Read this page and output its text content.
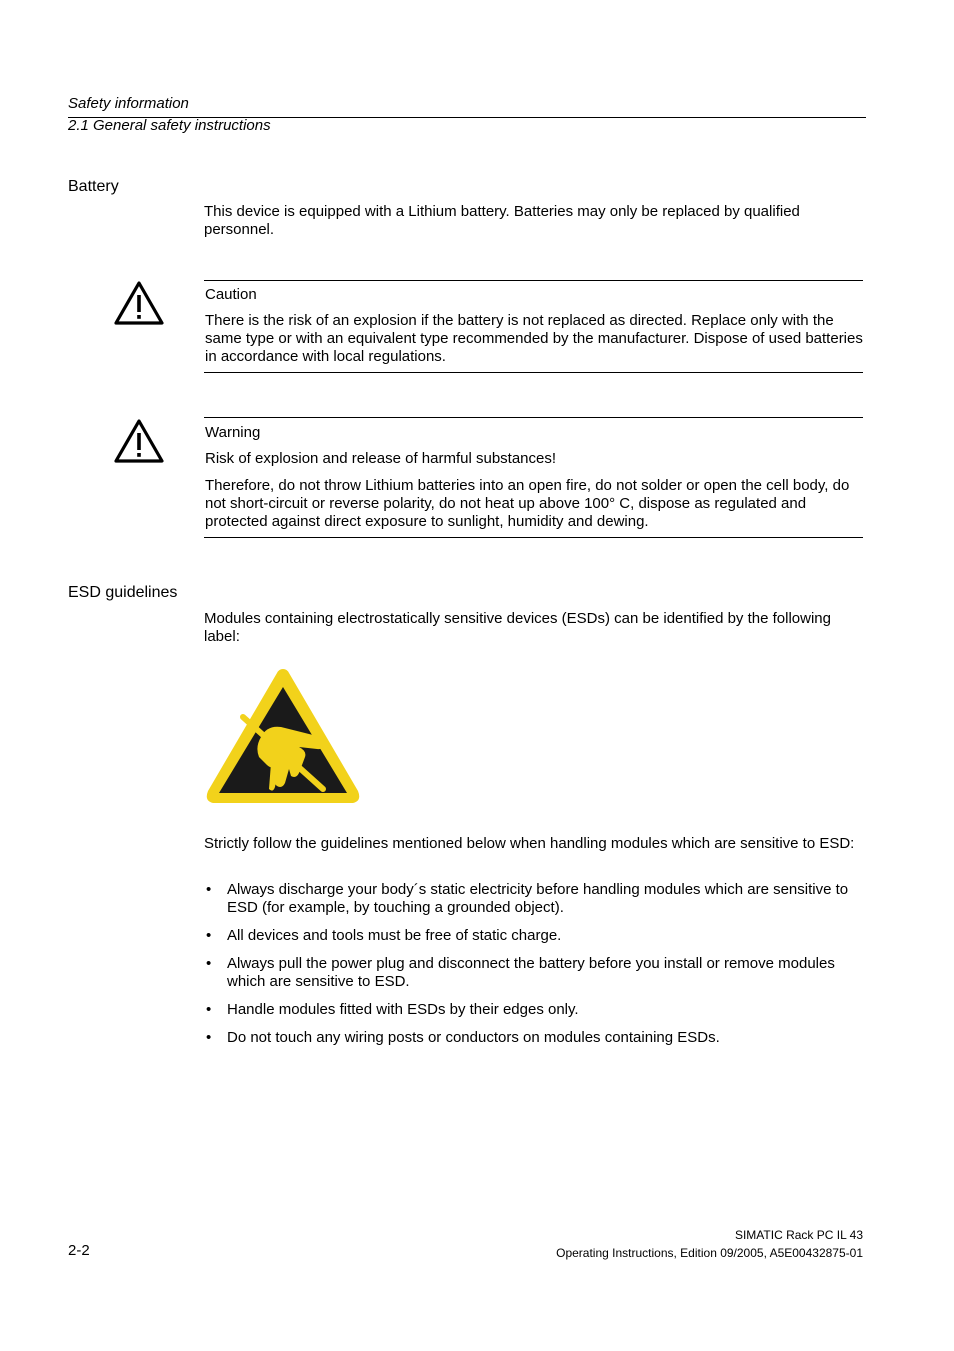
Safety information
2.1 General safety instructions
Battery
This device is equipped with a Lithium battery. Batteries may only be replaced by qualified personnel.
Caution
There is the risk of an explosion if the battery is not replaced as directed. Replace only with the same type or with an equivalent type recommended by the manufacturer. Dispose of used batteries in accordance with local regulations.
Warning
Risk of explosion and release of harmful substances!
Therefore, do not throw Lithium batteries into an open fire, do not solder or open the cell body, do not short-circuit or reverse polarity, do not heat up above 100° C, dispose as regulated and protected against direct exposure to sunlight, humidity and dewing.
ESD guidelines
Modules containing electrostatically sensitive devices (ESDs) can be identified by the following label:
Strictly follow the guidelines mentioned below when handling modules which are sensitive to ESD:
• Always discharge your body´s static electricity before handling modules which are sensitive to ESD (for example, by touching a grounded object).
• All devices and tools must be free of static charge.
• Always pull the power plug and disconnect the battery before you install or remove modules which are sensitive to ESD.
• Handle modules fitted with ESDs by their edges only.
• Do not touch any wiring posts or conductors on modules containing ESDs.
2-2
SIMATIC Rack PC IL 43
Operating Instructions, Edition 09/2005, A5E00432875-01
